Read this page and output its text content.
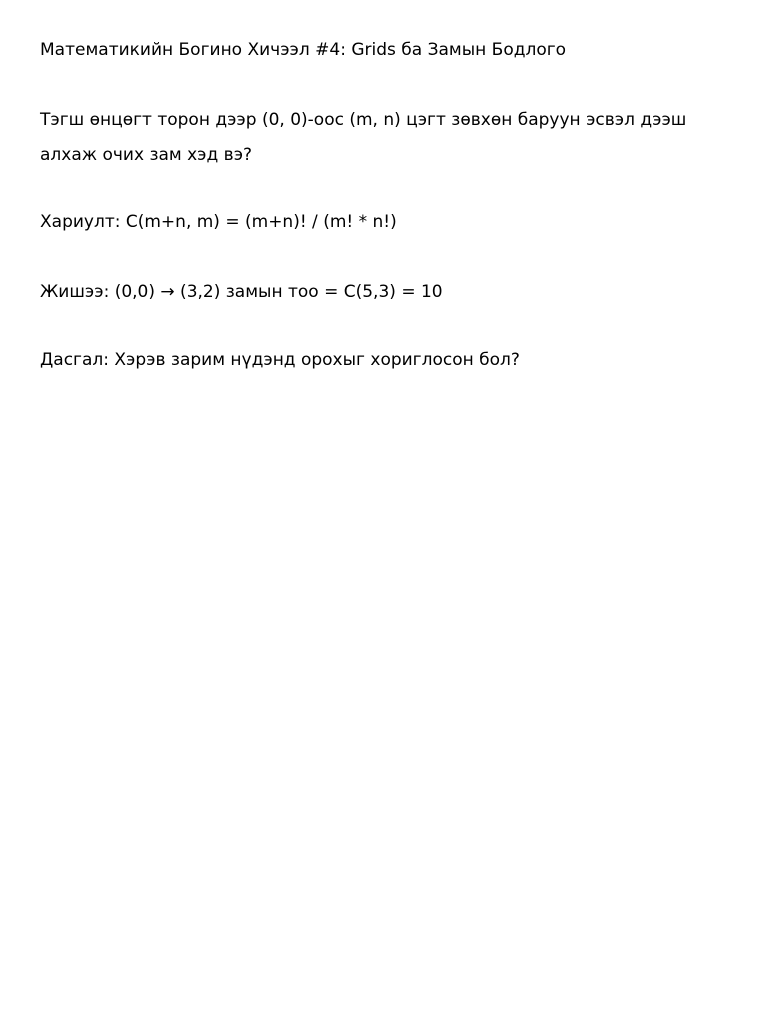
Математикийн Богино Хичээл #4: Grids ба Замын Бодлого
Тэгш өнцөгт торон дээр (0, 0)-оос (m, n) цэгт зөвхөн баруун эсвэл дээш
алхаж очих зам хэд вэ?
Хариулт: C(m+n, m) = (m+n)! / (m! * n!)
Жишээ: (0,0) → (3,2) замын тоо = C(5,3) = 10
Дасгал: Хэрэв зарим нүдэнд орохыг хориглосон бол?
